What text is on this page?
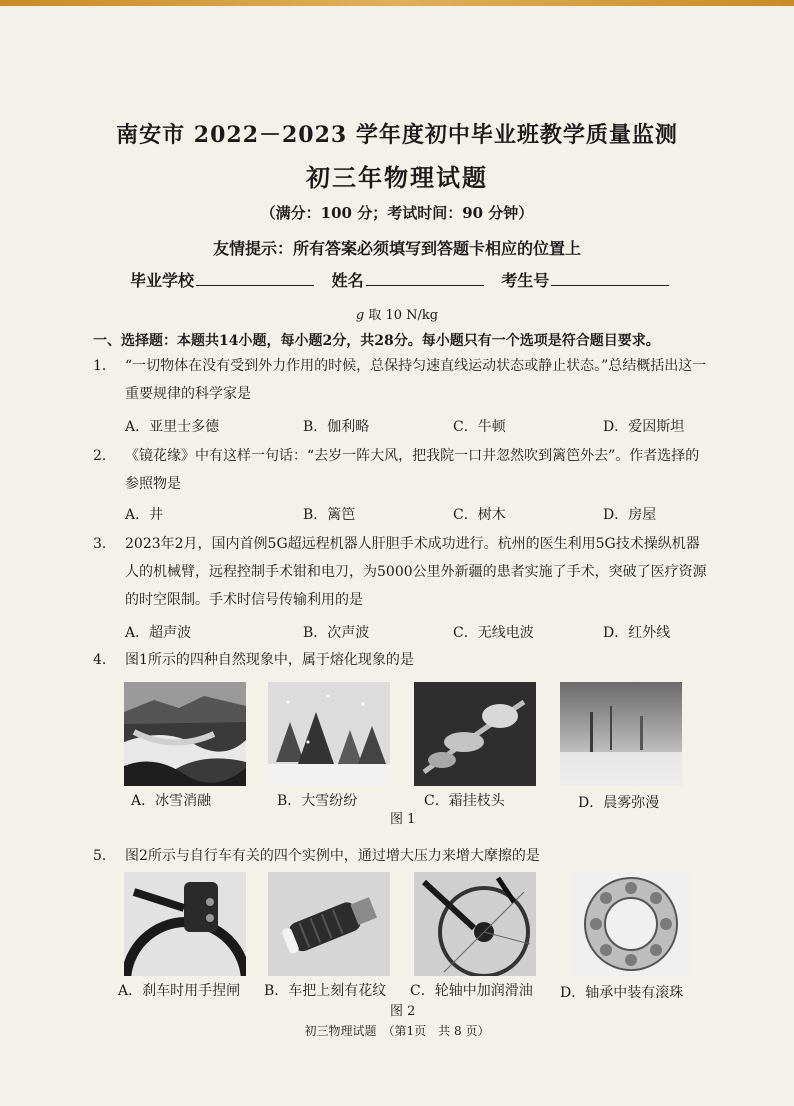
南安市 2022－2023 学年度初中毕业班教学质量监测
初三年物理试题
（满分：100 分；考试时间：90 分钟）
友情提示：所有答案必须填写到答题卡相应的位置上
毕业学校	姓名	考生号
g 取 10 N/kg
一、选择题：本题共14小题，每小题2分，共28分。每小题只有一个选项是符合题目要求。
1． “一切物体在没有受到外力作用的时候，总保持匀速直线运动状态或静止状态。”总结概括出这一重要规律的科学家是
A．亚里士多德	B．伽利略	C．牛顿	D．爱因斯坦
2． 《镜花缘》中有这样一句话：“去岁一阵大风，把我院一口井忽然吹到篱笆外去”。作者选择的参照物是
A．井	B．篱笆	C．树木	D．房屋
3． 2023年2月，国内首例5G超远程机器人肝胆手术成功进行。杭州的医生利用5G技术操纵机器人的机械臂，远程控制手术钳和电刀，为5000公里外新疆的患者实施了手术，突破了医疗资源的时空限制。手术时信号传输利用的是
A．超声波	B．次声波	C．无线电波	D．红外线
4． 图1所示的四种自然现象中，属于熔化现象的是
A．冰雪消融	B．大雪纷纷	C．霜挂枝头	D．晨雾弥漫
图 1
5． 图2所示与自行车有关的四个实例中，通过增大压力来增大摩擦的是
A．刹车时用手捏闸 B．车把上刻有花纹 C．轮轴中加润滑油 D．轴承中装有滚珠
图 2
初三物理试题　（第1页　共 8 页）
